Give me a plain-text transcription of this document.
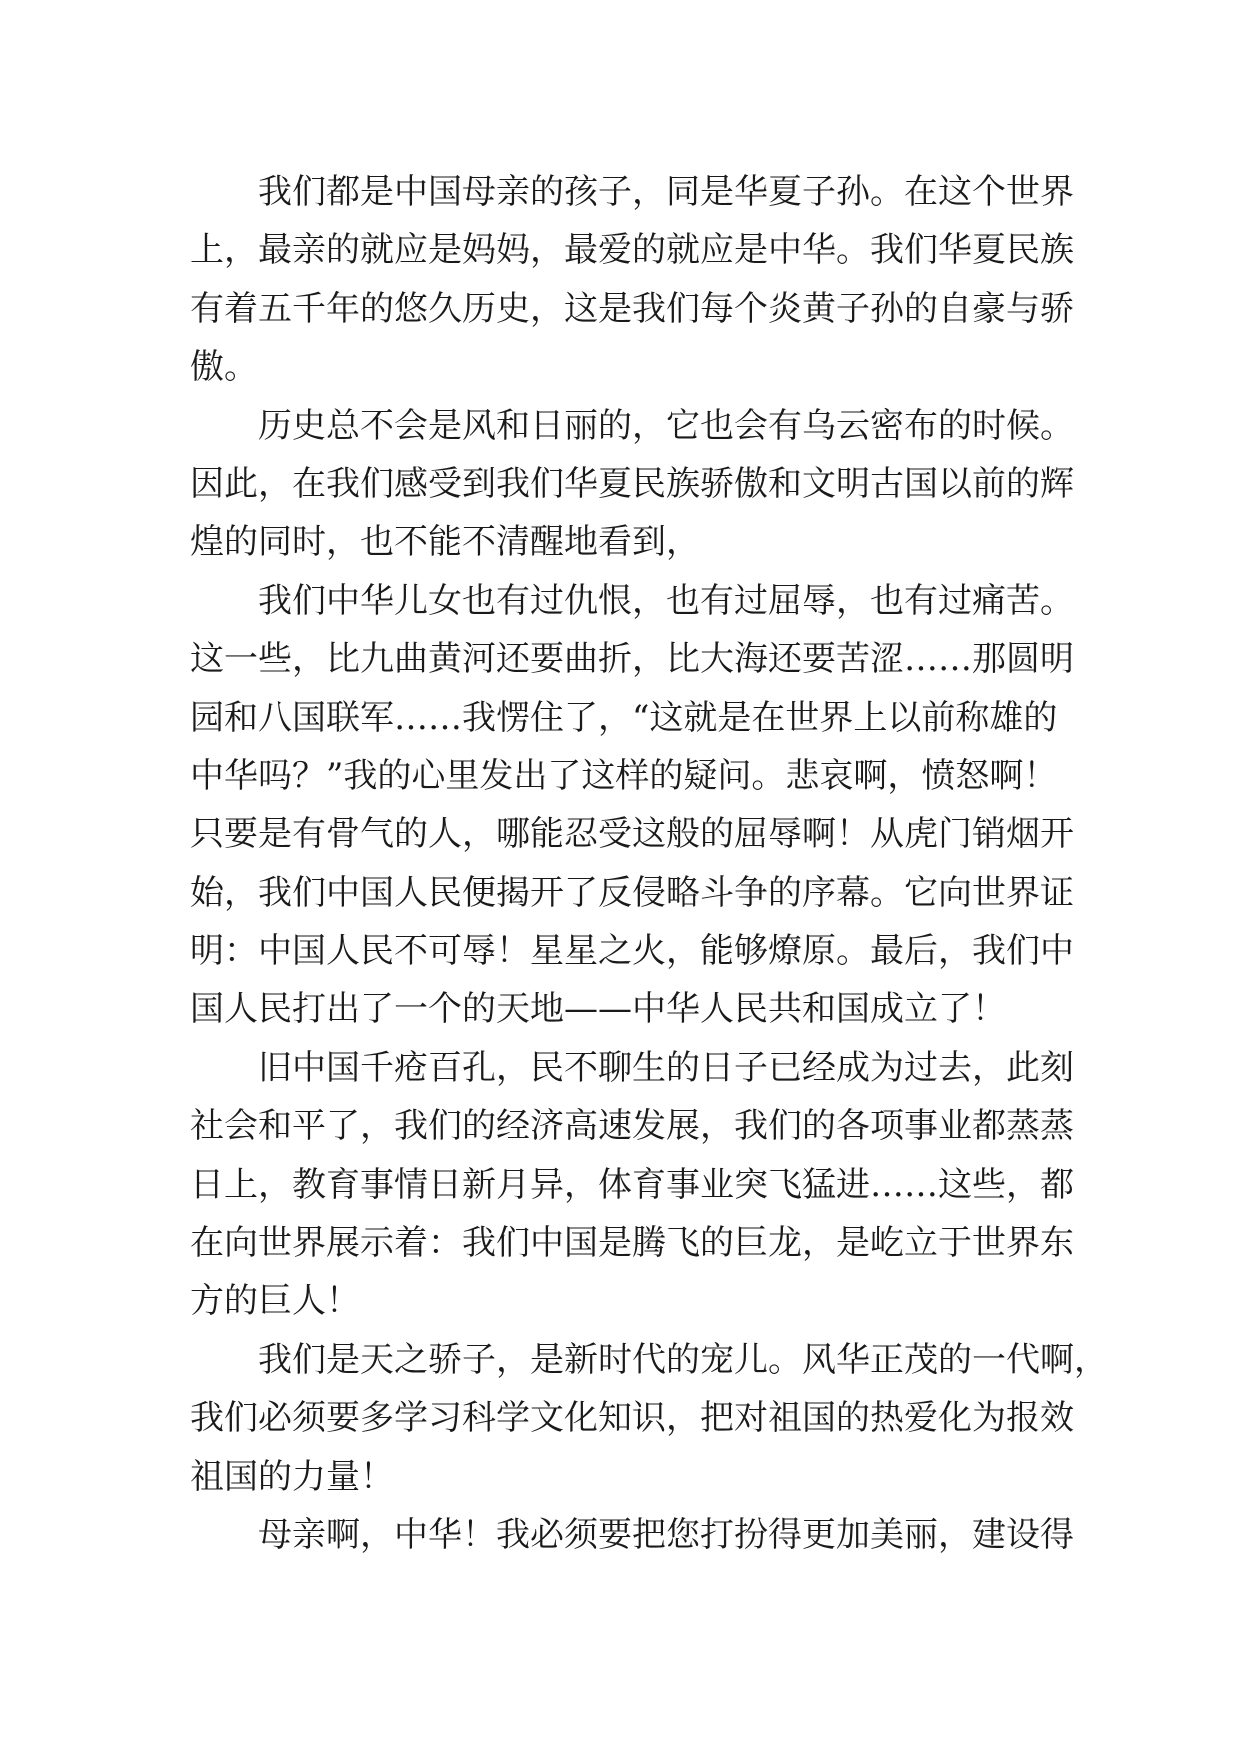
我们都是中国母亲的孩子，同是华夏子孙。在这个世界
上，最亲的就应是妈妈，最爱的就应是中华。我们华夏民族
有着五千年的悠久历史，这是我们每个炎黄子孙的自豪与骄
傲。
历史总不会是风和日丽的，它也会有乌云密布的时候。
因此，在我们感受到我们华夏民族骄傲和文明古国以前的辉
煌的同时，也不能不清醒地看到，
我们中华儿女也有过仇恨，也有过屈辱，也有过痛苦。
这一些，比九曲黄河还要曲折，比大海还要苦涩……那圆明
园和八国联军……我愣住了，“这就是在世界上以前称雄的
中华吗？”我的心里发出了这样的疑问。悲哀啊，愤怒啊！
只要是有骨气的人，哪能忍受这般的屈辱啊！从虎门销烟开
始，我们中国人民便揭开了反侵略斗争的序幕。它向世界证
明：中国人民不可辱！星星之火，能够燎原。最后，我们中
国人民打出了一个的天地——中华人民共和国成立了！
旧中国千疮百孔，民不聊生的日子已经成为过去，此刻
社会和平了，我们的经济高速发展，我们的各项事业都蒸蒸
日上，教育事情日新月异，体育事业突飞猛进……这些，都
在向世界展示着：我们中国是腾飞的巨龙，是屹立于世界东
方的巨人！
我们是天之骄子，是新时代的宠儿。风华正茂的一代啊，
我们必须要多学习科学文化知识，把对祖国的热爱化为报效
祖国的力量！
母亲啊，中华！我必须要把您打扮得更加美丽，建设得
